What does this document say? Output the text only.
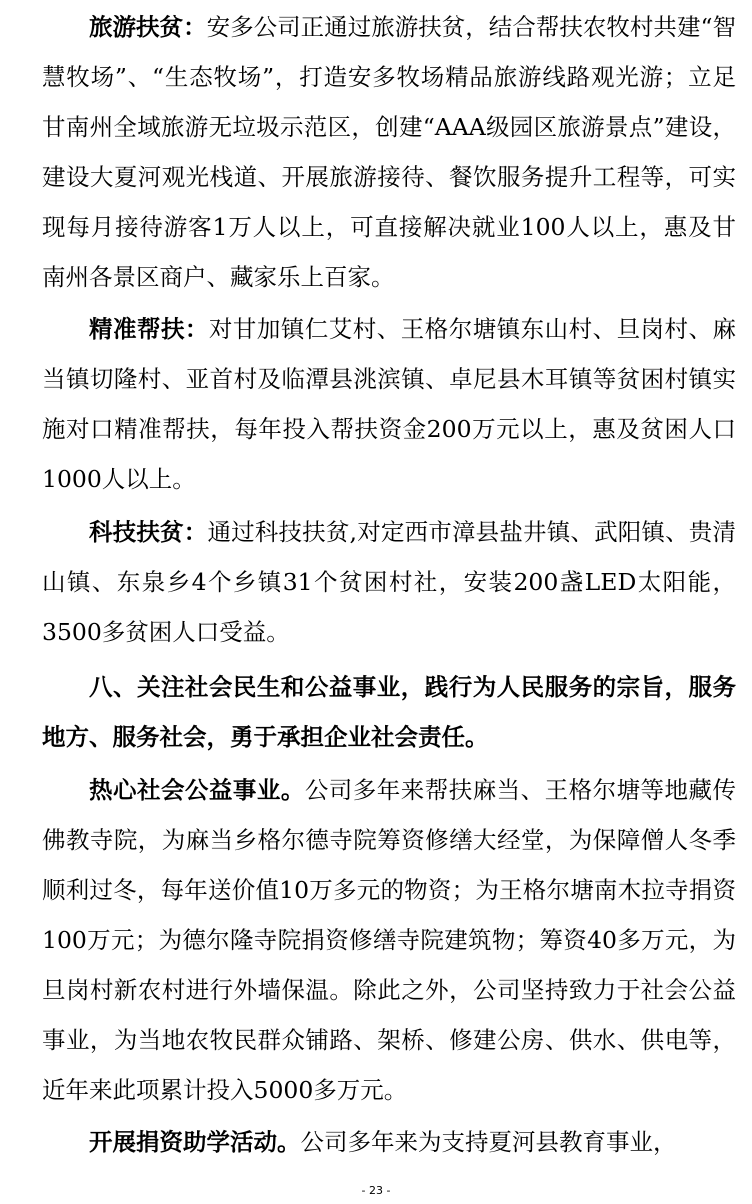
旅游扶贫：安多公司正通过旅游扶贫，结合帮扶农牧村共建“智慧牧场”、“生态牧场”，打造安多牧场精品旅游线路观光游；立足甘南州全域旅游无垃圾示范区，创建“AAA级园区旅游景点”建设，建设大夏河观光栈道、开展旅游接待、餐饮服务提升工程等，可实现每月接待游客1万人以上，可直接解决就业100人以上，惠及甘南州各景区商户、藏家乐上百家。

精准帮扶：对甘加镇仁艾村、王格尔塘镇东山村、旦岗村、麻当镇切隆村、亚首村及临潭县洮滨镇、卓尼县木耳镇等贫困村镇实施对口精准帮扶，每年投入帮扶资金200万元以上，惠及贫困人口1000人以上。

科技扶贫：通过科技扶贫,对定西市漳县盐井镇、武阳镇、贵清山镇、东泉乡4个乡镇31个贫困村社，安装200盏LED太阳能，3500多贫困人口受益。

八、关注社会民生和公益事业，践行为人民服务的宗旨，服务地方、服务社会，勇于承担企业社会责任。

热心社会公益事业。公司多年来帮扶麻当、王格尔塘等地藏传佛教寺院，为麻当乡格尔德寺院筹资修缮大经堂，为保障僧人冬季顺利过冬，每年送价值10万多元的物资；为王格尔塘南木拉寺捐资100万元；为德尔隆寺院捐资修缮寺院建筑物；筹资40多万元，为旦岗村新农村进行外墙保温。除此之外，公司坚持致力于社会公益事业，为当地农牧民群众铺路、架桥、修建公房、供水、供电等，近年来此项累计投入5000多万元。

开展捐资助学活动。公司多年来为支持夏河县教育事业，

- 23 -
